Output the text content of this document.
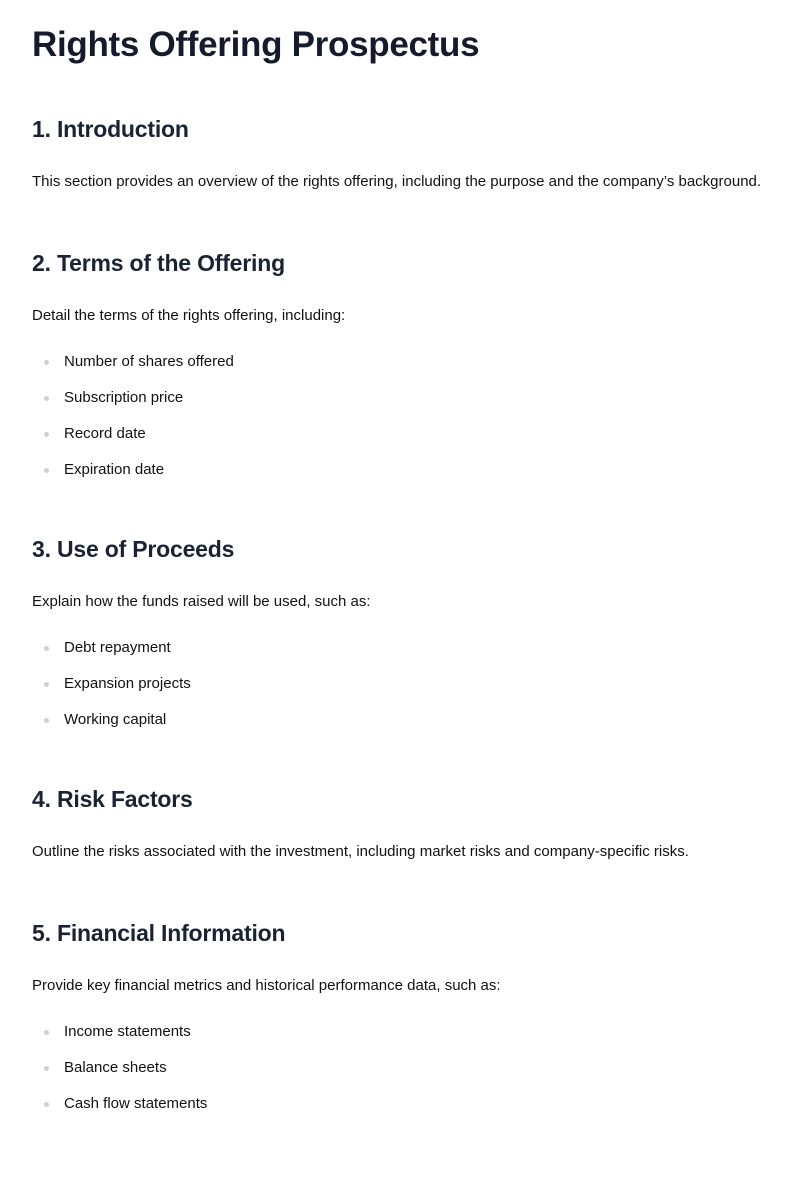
Rights Offering Prospectus
1. Introduction

This section provides an overview of the rights offering, including the purpose and the company’s background.

2. Terms of the Offering

Detail the terms of the rights offering, including:

Number of shares offered
Subscription price
Record date
Expiration date
3. Use of Proceeds

Explain how the funds raised will be used, such as:

Debt repayment
Expansion projects
Working capital
4. Risk Factors

Outline the risks associated with the investment, including market risks and company-specific risks.

5. Financial Information

Provide key financial metrics and historical performance data, such as:

Income statements
Balance sheets
Cash flow statements
